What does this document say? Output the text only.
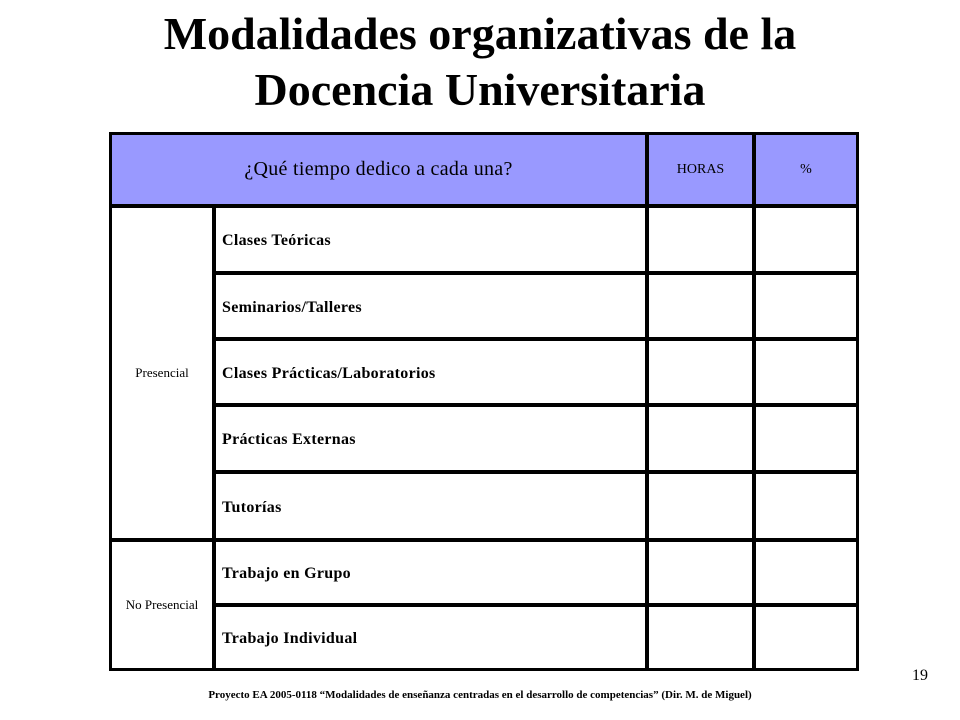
Modalidades organizativas de la
Docencia Universitaria
¿Qué tiempo dedico a cada una?	HORAS	%
Presencial
No Presencial
Clases Teóricas
Seminarios/Talleres
Clases Prácticas/Laboratorios
Prácticas Externas
Tutorías
Trabajo en Grupo
Trabajo Individual
19
Proyecto EA 2005-0118 “Modalidades de enseñanza centradas en el desarrollo de competencias” (Dir. M. de Miguel)
